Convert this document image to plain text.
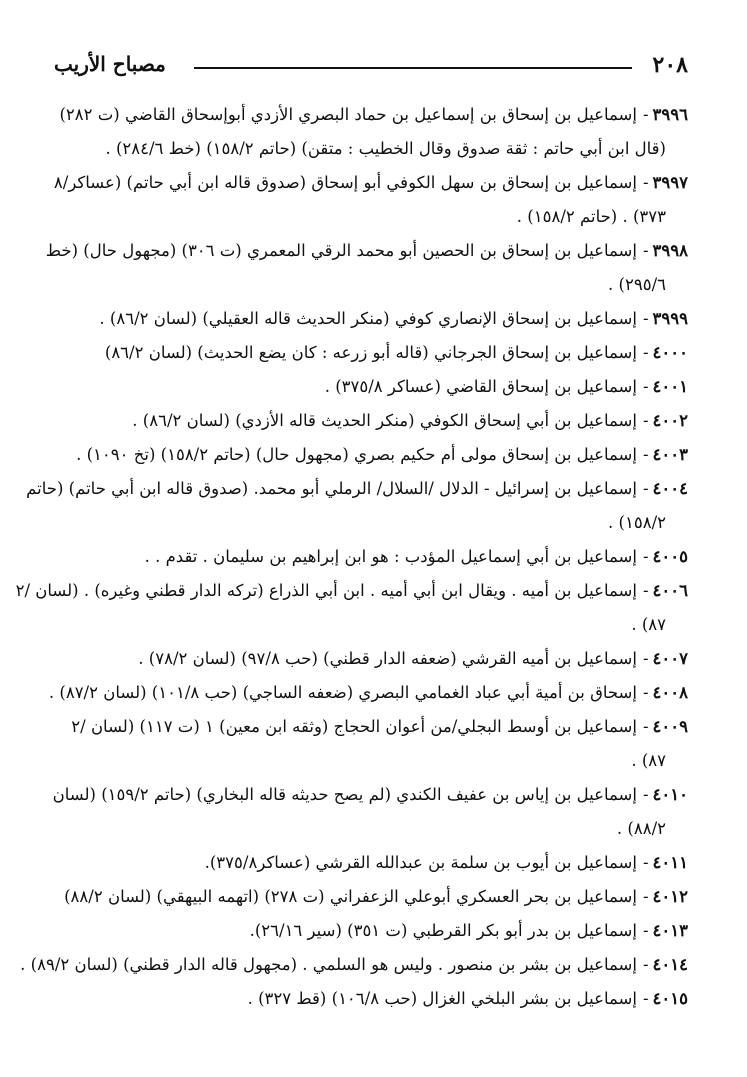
٢٠٨
مصباح الأريب
٣٩٩٦-إسماعيل بن إسحاق بن إسماعيل بن حماد البصري الأزدي أبوإسحاق القاضي (ت ٢٨٢)
(قال ابن أبي حاتم : ثقة صدوق وقال الخطيب : متقن) (حاتم ١٥٨/٢) (خط ٢٨٤/٦) .
٣٩٩٧-إسماعيل بن إسحاق بن سهل الكوفي أبو إسحاق (صدوق قاله ابن أبي حاتم) (عساكر/٨
٣٧٣) . (حاتم ١٥٨/٢) .
٣٩٩٨-إسماعيل بن إسحاق بن الحصين أبو محمد الرقي المعمري (ت ٣٠٦) (مجهول حال) (خط
٢٩٥/٦) .
٣٩٩٩-إسماعيل بن إسحاق الإنصاري كوفي (منكر الحديث قاله العقيلي) (لسان ٨٦/٢) .
٤٠٠٠-إسماعيل بن إسحاق الجرجاني (قاله أبو زرعه : كان يضع الحديث) (لسان ٨٦/٢)
٤٠٠١-إسماعيل بن إسحاق القاضي (عساكر ٣٧٥/٨) .
٤٠٠٢-إسماعيل بن أبي إسحاق الكوفي (منكر الحديث قاله الأزدي) (لسان ٨٦/٢) .
٤٠٠٣-إسماعيل بن إسحاق مولى أم حكيم بصري (مجهول حال) (حاتم ١٥٨/٢) (تخ ١٠٩٠) .
٤٠٠٤-إسماعيل بن إسرائيل - الدلال /السلال/ الرملي أبو محمد. (صدوق قاله ابن أبي حاتم) (حاتم
١٥٨/٢) .
٤٠٠٥-إسماعيل بن أبي إسماعيل المؤدب : هو ابن إبراهيم بن سليمان . تقدم . .
٤٠٠٦-إسماعيل بن أميه . ويقال ابن أبي أميه . ابن أبي الذراع (تركه الدار قطني وغيره) . (لسان /٢
٨٧) .
٤٠٠٧-إسماعيل بن أميه القرشي (ضعفه الدار قطني) (حب ٩٧/٨) (لسان ٧٨/٢) .
٤٠٠٨-إسحاق بن أمية أبي عباد الغمامي البصري (ضعفه الساجي) (حب ١٠١/٨) (لسان ٨٧/٢) .
٤٠٠٩-إسماعيل بن أوسط البجلي/من أعوان الحجاج (وثقه ابن معين) ١ (ت ١١٧) (لسان /٢
٨٧) .
٤٠١٠-إسماعيل بن إياس بن عفيف الكندي (لم يصح حديثه قاله البخاري) (حاتم ١٥٩/٢) (لسان
٨٨/٢) .
٤٠١١-إسماعيل بن أيوب بن سلمة بن عبدالله القرشي (عساكر٣٧٥/٨).
٤٠١٢-إسماعيل بن بحر العسكري أبوعلي الزعفراني (ت ٢٧٨) (اتهمه البيهقي) (لسان ٨٨/٢)
٤٠١٣-إسماعيل بن بدر أبو بكر القرطبي (ت ٣٥١) (سير ٢٦/١٦).
٤٠١٤-إسماعيل بن بشر بن منصور . وليس هو السلمي . (مجهول قاله الدار قطني) (لسان ٨٩/٢) .
٤٠١٥-إسماعيل بن بشر البلخي الغزال (حب ١٠٦/٨) (قط ٣٢٧) .
